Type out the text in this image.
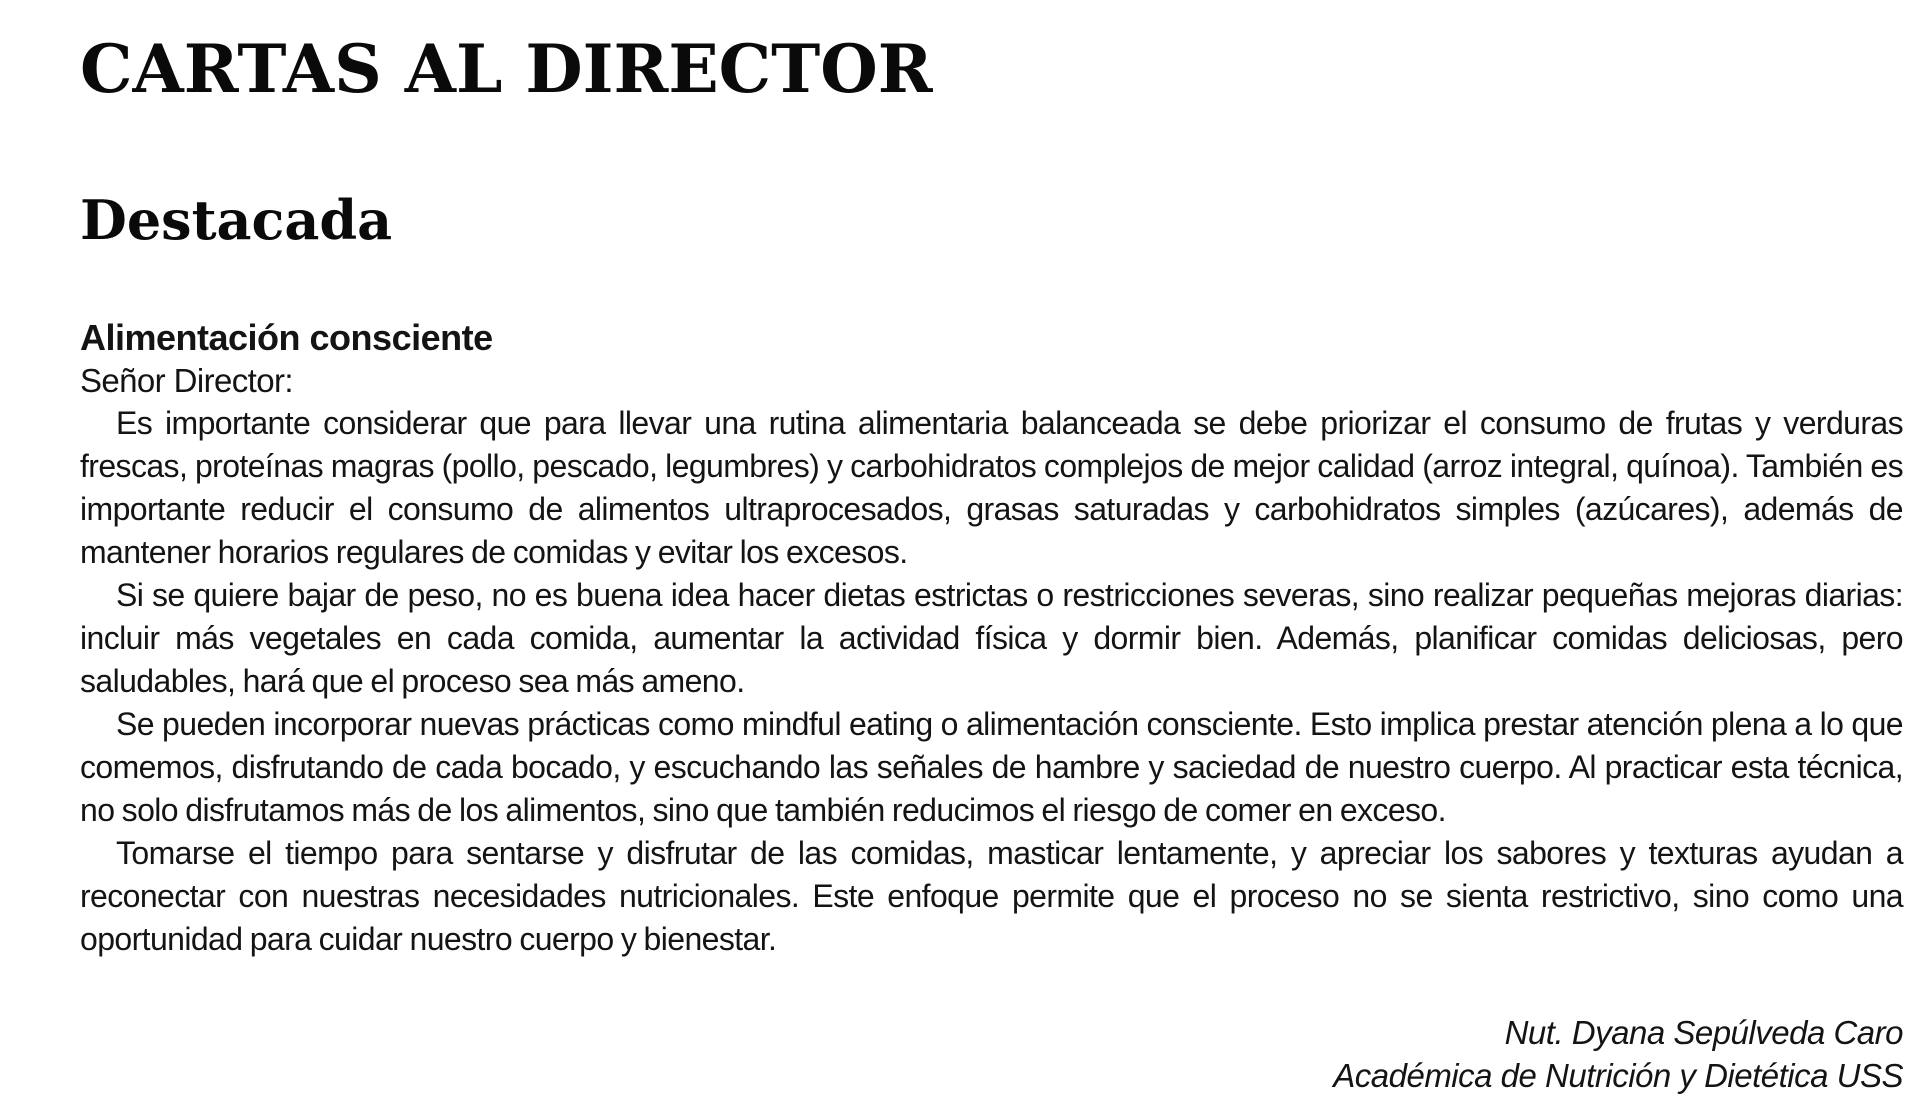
CARTAS AL DIRECTOR
Destacada
Alimentación consciente

Señor Director:

Es importante considerar que para llevar una rutina alimentaria balanceada se debe priorizar el consumo de frutas y verduras frescas, proteínas magras (pollo, pescado, legumbres) y carbohidratos complejos de mejor calidad (arroz integral, quínoa). También es importante reducir el consumo de alimentos ultraprocesados, grasas saturadas y carbohidratos simples (azúcares), además de mantener horarios regulares de comidas y evitar los excesos.

Si se quiere bajar de peso, no es buena idea hacer dietas estrictas o restricciones severas, sino realizar pequeñas mejoras diarias: incluir más vegetales en cada comida, aumentar la actividad física y dormir bien. Además, planificar comidas deliciosas, pero saludables, hará que el proceso sea más ameno.

Se pueden incorporar nuevas prácticas como mindful eating o alimentación consciente. Esto implica prestar atención plena a lo que comemos, disfrutando de cada bocado, y escuchando las señales de hambre y saciedad de nuestro cuerpo. Al practicar esta técnica, no solo disfrutamos más de los alimentos, sino que también reducimos el riesgo de comer en exceso.

Tomarse el tiempo para sentarse y disfrutar de las comidas, masticar lentamente, y apreciar los sabores y texturas ayudan a reconectar con nuestras necesidades nutricionales. Este enfoque permite que el proceso no se sienta restrictivo, sino como una oportunidad para cuidar nuestro cuerpo y bienestar.

Nut. Dyana Sepúlveda Caro
Académica de Nutrición y Dietética USS
